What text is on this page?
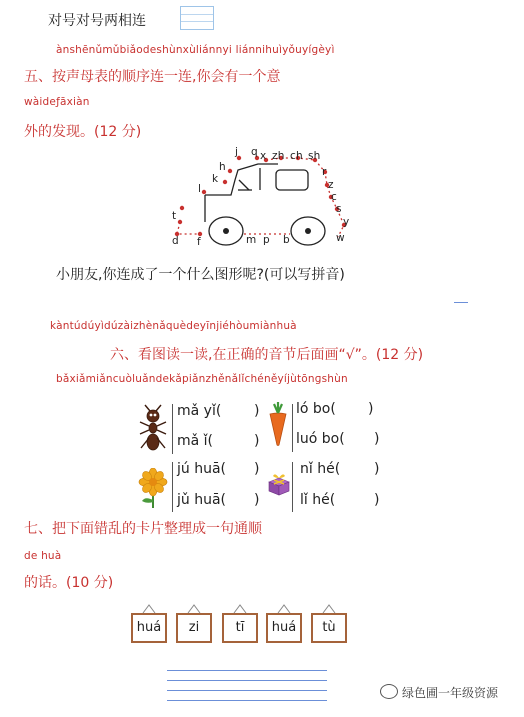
对号对号两相连
ànshēnǔmǔbiǎodeshùnxùliánnyi liánnihuìyǒuyíɡèyì
五、按声母表的顺序连一连,你会有一个意
wàideƒāxiàn
外的发现。(12 分)
j q x zh ch sh
h
k
r
z
l
c
s
t	y
d f	m p b	w
小朋友,你连成了一个什么图形呢?(可以写拼音)
kàntúdúyìdúzàizhènǎquèdeyīnjiéhòumiànhuà
六、看图读一读,在正确的音节后面画“√”。(12 分)
bǎxiǎmiǎncuòluǎndekǎpiǎnzhěnǎlǐchéněyíjùtōnɡshùn
mǎ yǐ( )
mǎ ǐ(	)
ló bo( )
luó bo( )
jú huā( )
jǔ huā( )
nǐ hé( )
lǐ hé(	)
七、把下面错乱的卡片整理成一句通顺
de huà
的话。(10 分)
huá	zi	tī	huá	tù
绿色圃一年级资源
